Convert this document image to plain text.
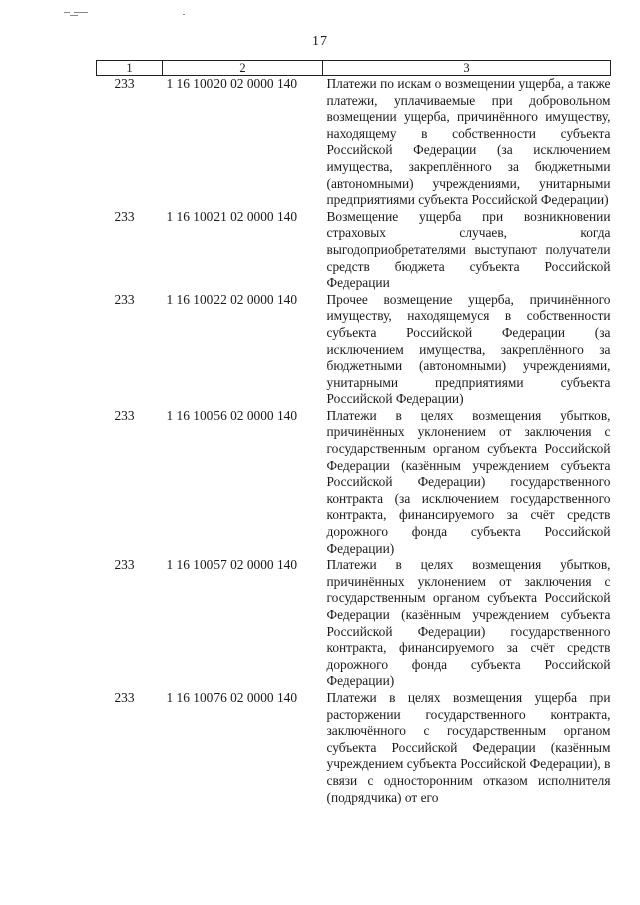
17
1	2	3
233	1 16 10020 02 0000 140	Платежи по искам о возмещении ущерба, а также платежи, уплачиваемые при добровольном возмещении ущерба, причинённого имуществу, находящему в собственности субъекта Российской Федерации (за исключением имущества, закреплённого за бюджетными (автономными) учреждениями, унитарными предприятиями субъекта Российской Федерации)
233	1 16 10021 02 0000 140	Возмещение ущерба при возникновении страховых случаев, когда выгодоприобретателями выступают получатели средств бюджета субъекта Российской Федерации
233	1 16 10022 02 0000 140	Прочее возмещение ущерба, причинённого имуществу, находящемуся в собственности субъекта Российской Федерации (за исключением имущества, закреплённого за бюджетными (автономными) учреждениями, унитарными предприятиями субъекта Российской Федерации)
233	1 16 10056 02 0000 140	Платежи в целях возмещения убытков, причинённых уклонением от заключения с государственным органом субъекта Российской Федерации (казённым учреждением субъекта Российской Федерации) государственного контракта (за исключением государственного контракта, финансируемого за счёт средств дорожного фонда субъекта Российской Федерации)
233	1 16 10057 02 0000 140	Платежи в целях возмещения убытков, причинённых уклонением от заключения с государственным органом субъекта Российской Федерации (казённым учреждением субъекта Российской Федерации) государственного контракта, финансируемого за счёт средств дорожного фонда субъекта Российской Федерации)
233	1 16 10076 02 0000 140	Платежи в целях возмещения ущерба при расторжении государственного контракта, заключённого с государственным органом субъекта Российской Федерации (казённым учреждением субъекта Российской Федерации), в связи с односторонним отказом исполнителя (подрядчика) от его
